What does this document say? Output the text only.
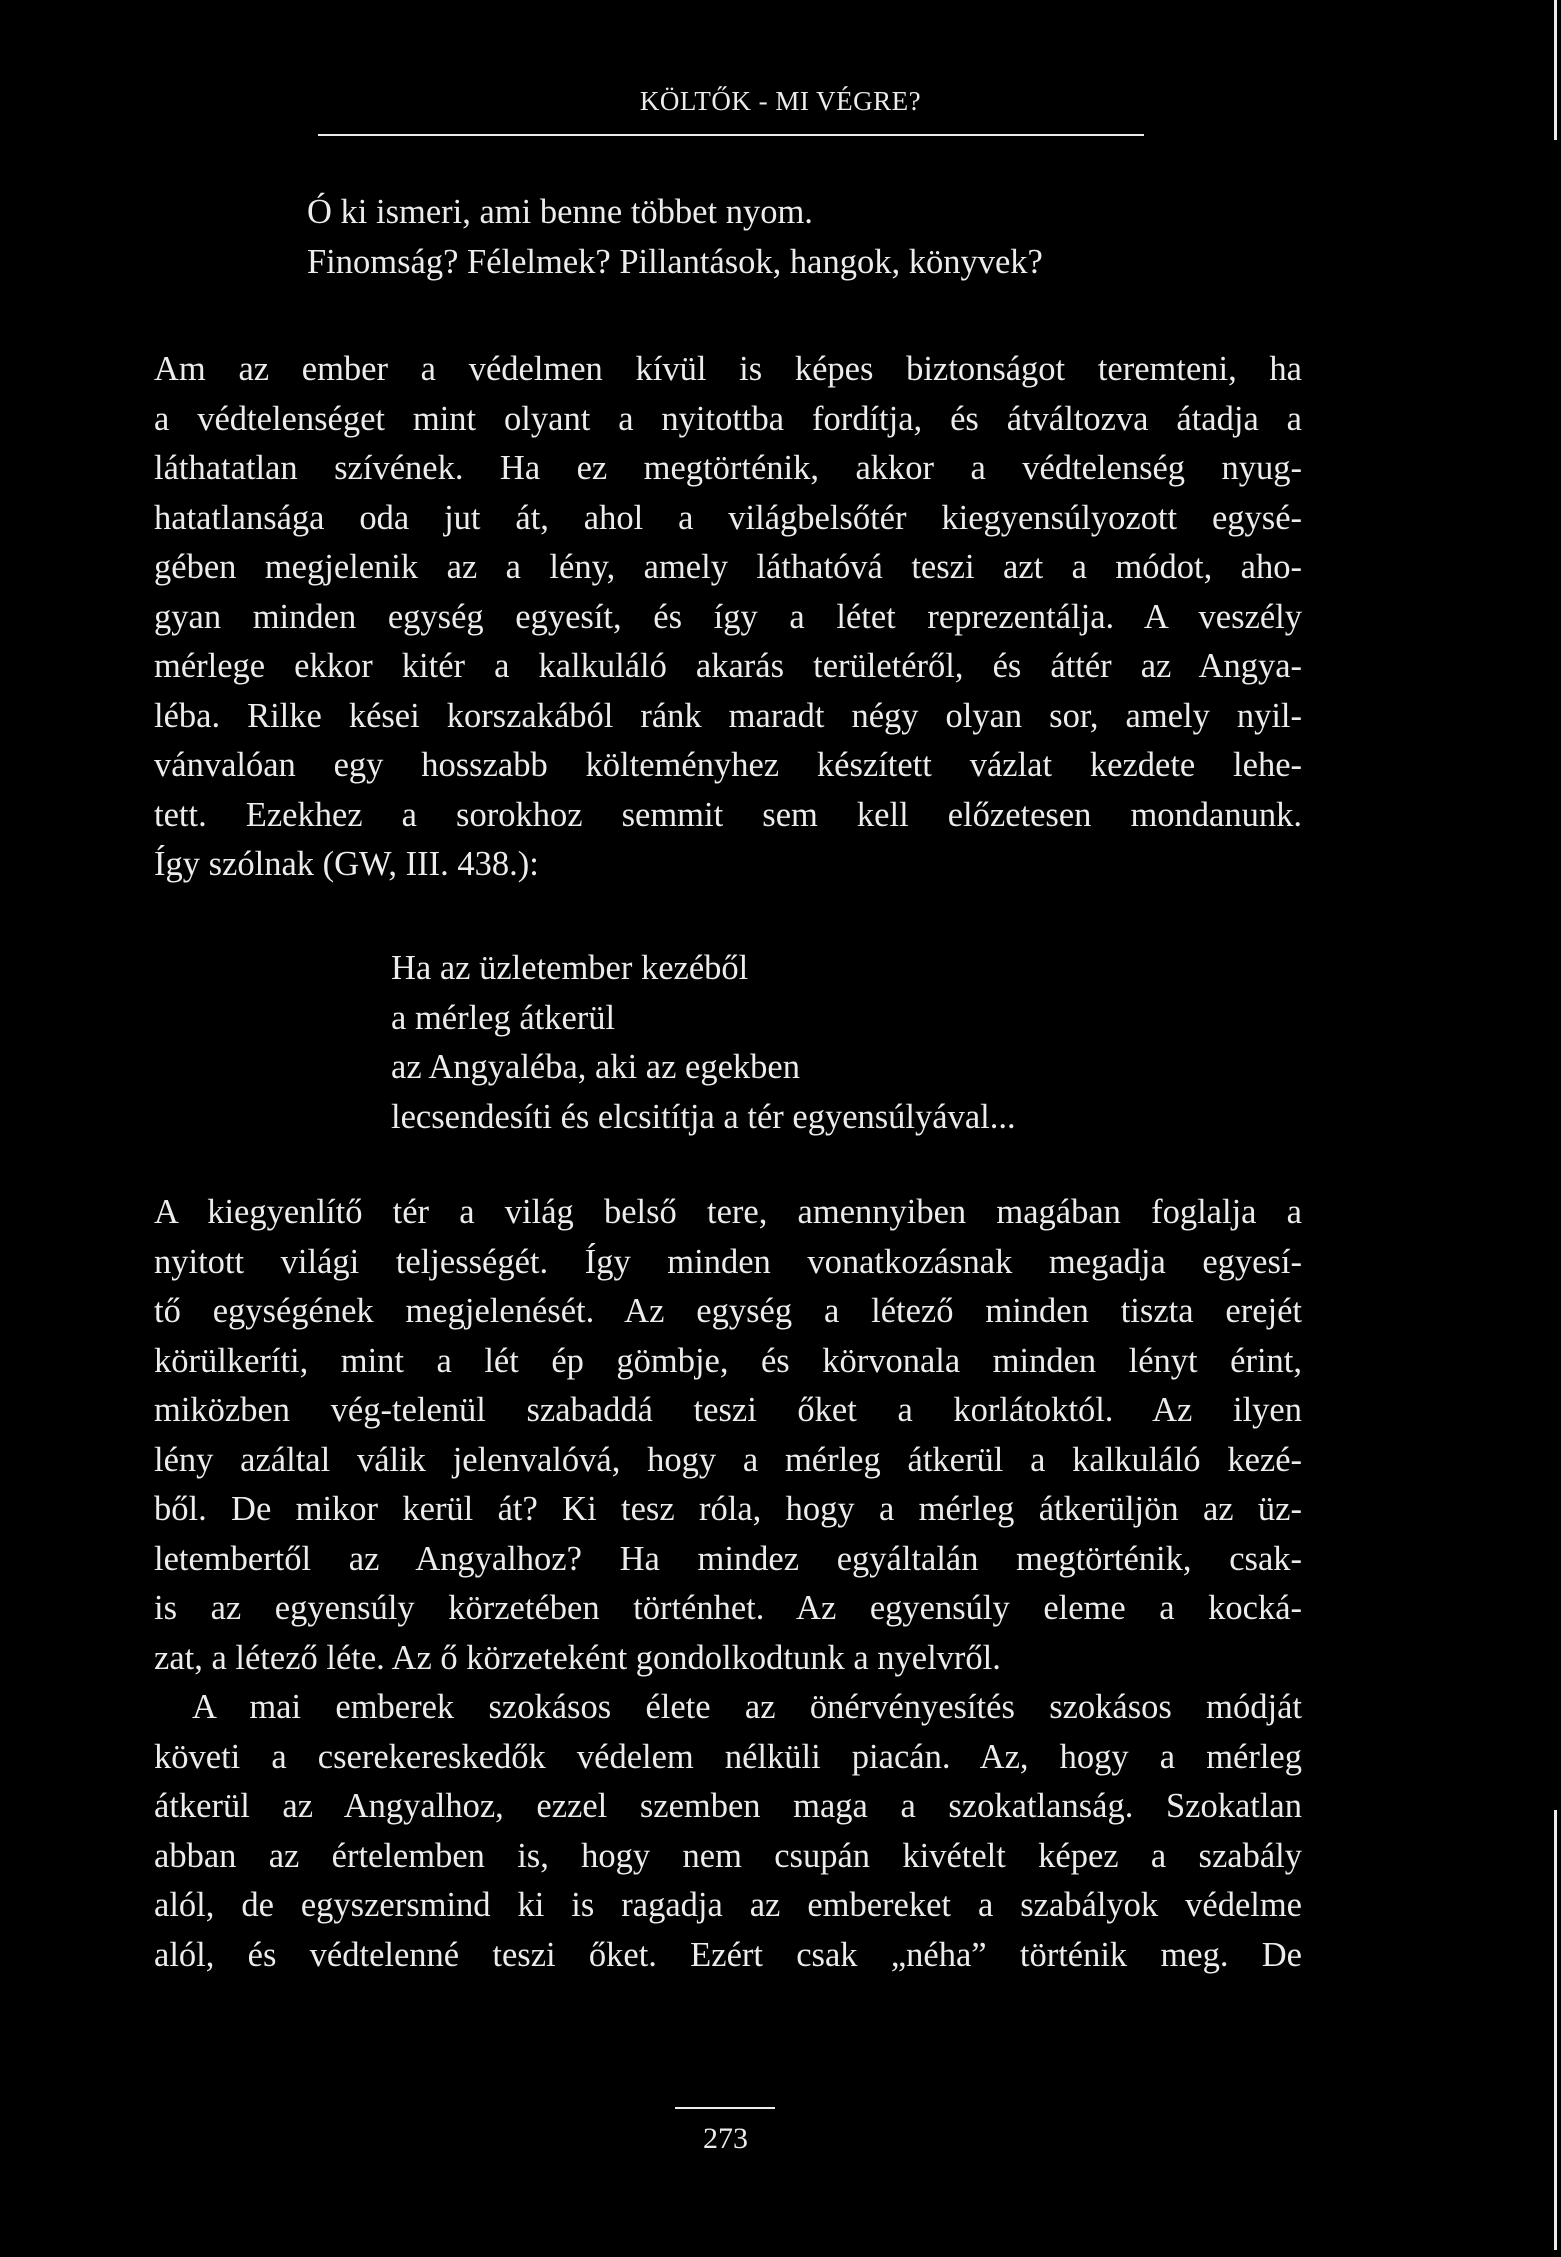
KÖLTŐK - MI VÉGRE?
Ó ki ismeri, ami benne többet nyom.
Finomság? Félelmek? Pillantások, hangok, könyvek?
Am az ember a védelmen kívül is képes biztonságot teremteni, ha
a védtelenséget mint olyant a nyitottba fordítja, és átváltozva átadja a
láthatatlan szívének. Ha ez megtörténik, akkor a védtelenség nyug-
hatatlansága oda jut át, ahol a világbelsőtér kiegyensúlyozott egysé-
gében megjelenik az a lény, amely láthatóvá teszi azt a módot, aho-
gyan minden egység egyesít, és így a létet reprezentálja. A veszély
mérlege ekkor kitér a kalkuláló akarás területéről, és áttér az Angya-
léba. Rilke kései korszakából ránk maradt négy olyan sor, amely nyil-
vánvalóan egy hosszabb költeményhez készített vázlat kezdete lehe-
tett. Ezekhez a sorokhoz semmit sem kell előzetesen mondanunk.
Így szólnak (GW, III. 438.):
Ha az üzletember kezéből
a mérleg átkerül
az Angyaléba, aki az egekben
lecsendesíti és elcsitítja a tér egyensúlyával...
A kiegyenlítő tér a világ belső tere, amennyiben magában foglalja a
nyitott világi teljességét. Így minden vonatkozásnak megadja egyesí-
tő egységének megjelenését. Az egység a létező minden tiszta erejét
körülkeríti, mint a lét ép gömbje, és körvonala minden lényt érint,
miközben vég-telenül szabaddá teszi őket a korlátoktól. Az ilyen
lény azáltal válik jelenvalóvá, hogy a mérleg átkerül a kalkuláló kezé-
ből. De mikor kerül át? Ki tesz róla, hogy a mérleg átkerüljön az üz-
letembertől az Angyalhoz? Ha mindez egyáltalán megtörténik, csak-
is az egyensúly körzetében történhet. Az egyensúly eleme a kocká-
zat, a létező léte. Az ő körzeteként gondolkodtunk a nyelvről.
A mai emberek szokásos élete az önérvényesítés szokásos módját
követi a cserekereskedők védelem nélküli piacán. Az, hogy a mérleg
átkerül az Angyalhoz, ezzel szemben maga a szokatlanság. Szokatlan
abban az értelemben is, hogy nem csupán kivételt képez a szabály
alól, de egyszersmind ki is ragadja az embereket a szabályok védelme
alól, és védtelenné teszi őket. Ezért csak „néha” történik meg. De
273
